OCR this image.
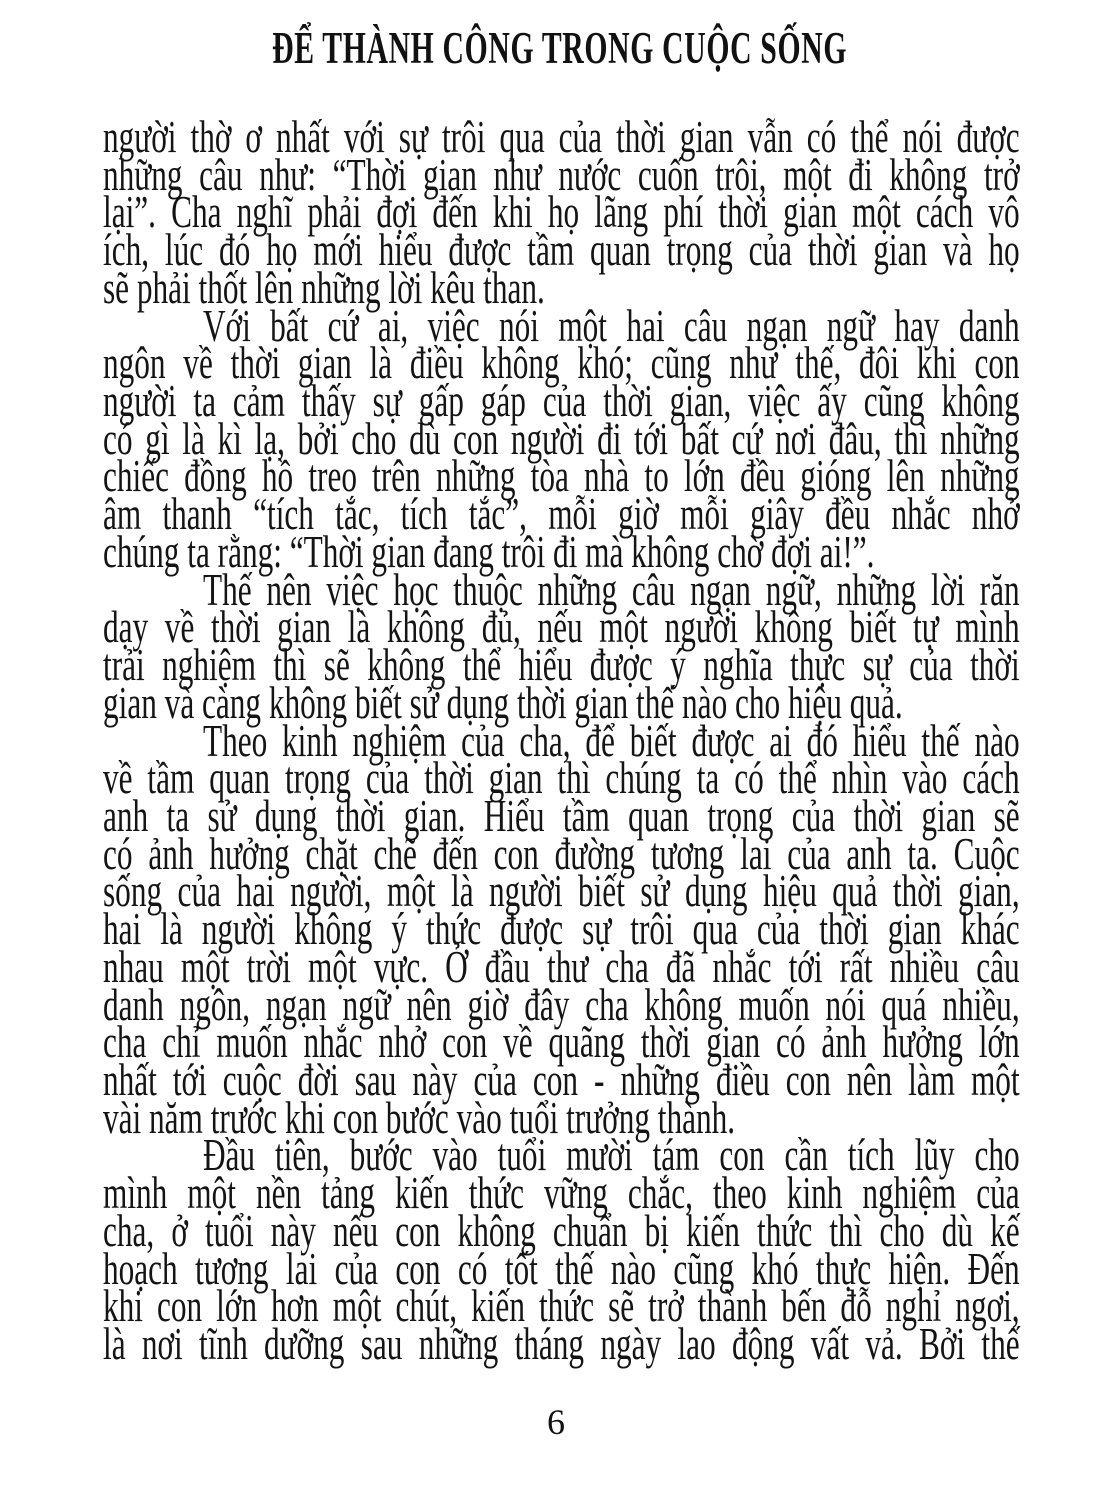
ĐỂ THÀNH CÔNG TRONG CUỘC SỐNG
người thờ ơ nhất với sự trôi qua của thời gian vẫn có thể nói được
những câu như: “Thời gian như nước cuốn trôi, một đi không trở
lại”. Cha nghĩ phải đợi đến khi họ lãng phí thời gian một cách vô
ích, lúc đó họ mới hiểu được tầm quan trọng của thời gian và họ
sẽ phải thốt lên những lời kêu than.
Với bất cứ ai, việc nói một hai câu ngạn ngữ hay danh
ngôn về thời gian là điều không khó; cũng như thế, đôi khi con
người ta cảm thấy sự gấp gáp của thời gian, việc ấy cũng không
có gì là kì lạ, bởi cho dù con người đi tới bất cứ nơi đâu, thì những
chiếc đồng hồ treo trên những tòa nhà to lớn đều gióng lên những
âm thanh “tích tắc, tích tắc”, mỗi giờ mỗi giây đều nhắc nhở
chúng ta rằng: “Thời gian đang trôi đi mà không chờ đợi ai!”.
Thế nên việc học thuộc những câu ngạn ngữ, những lời răn
dạy về thời gian là không đủ, nếu một người không biết tự mình
trải nghiệm thì sẽ không thể hiểu được ý nghĩa thực sự của thời
gian và càng không biết sử dụng thời gian thế nào cho hiệu quả.
Theo kinh nghiệm của cha, để biết được ai đó hiểu thế nào
về tầm quan trọng của thời gian thì chúng ta có thể nhìn vào cách
anh ta sử dụng thời gian. Hiểu tầm quan trọng của thời gian sẽ
có ảnh hưởng chặt chẽ đến con đường tương lai của anh ta. Cuộc
sống của hai người, một là người biết sử dụng hiệu quả thời gian,
hai là người không ý thức được sự trôi qua của thời gian khác
nhau một trời một vực. Ở đầu thư cha đã nhắc tới rất nhiều câu
danh ngôn, ngạn ngữ nên giờ đây cha không muốn nói quá nhiều,
cha chỉ muốn nhắc nhở con về quãng thời gian có ảnh hưởng lớn
nhất tới cuộc đời sau này của con - những điều con nên làm một
vài năm trước khi con bước vào tuổi trưởng thành.
Đầu tiên, bước vào tuổi mười tám con cần tích lũy cho
mình một nền tảng kiến thức vững chắc, theo kinh nghiệm của
cha, ở tuổi này nếu con không chuẩn bị kiến thức thì cho dù kế
hoạch tương lai của con có tốt thế nào cũng khó thực hiện. Đến
khi con lớn hơn một chút, kiến thức sẽ trở thành bến đỗ nghỉ ngơi,
là nơi tĩnh dưỡng sau những tháng ngày lao động vất vả. Bởi thế
6
